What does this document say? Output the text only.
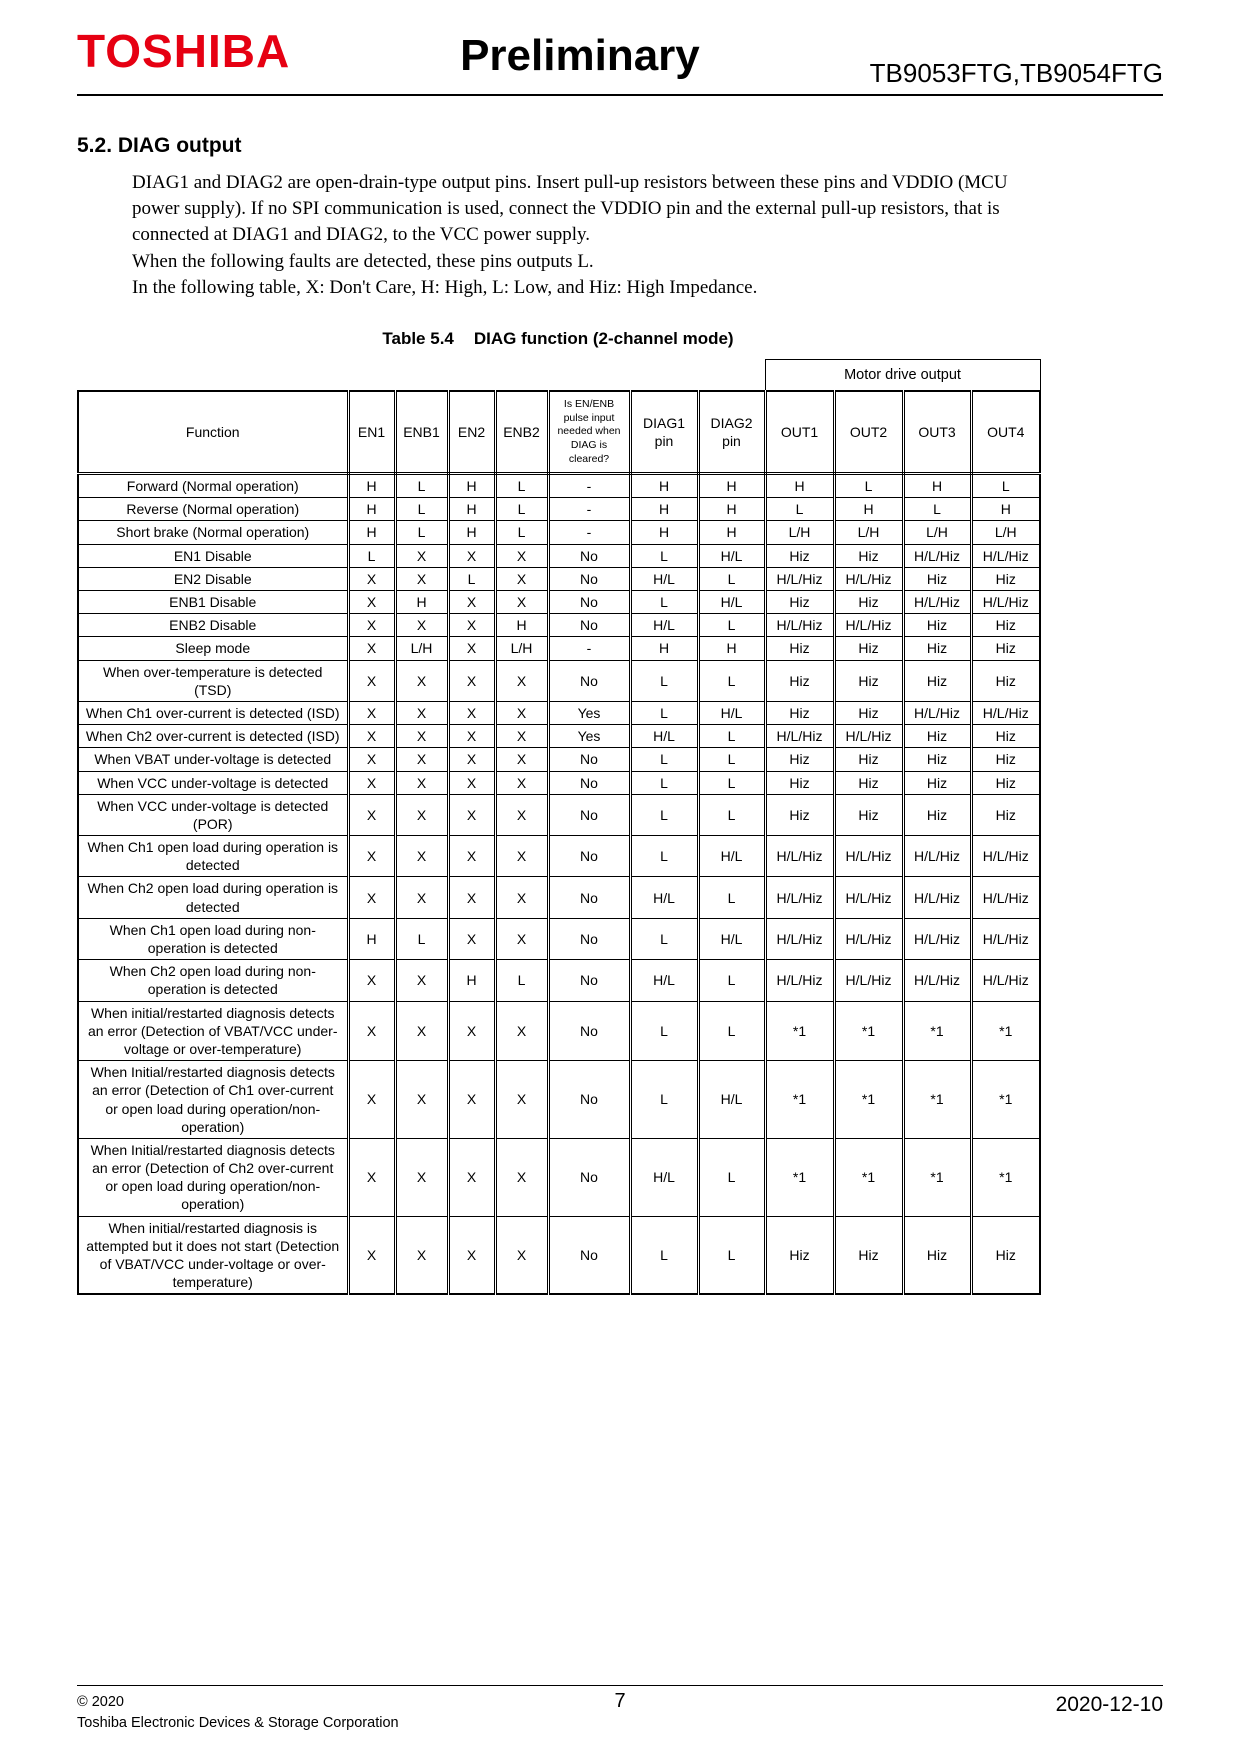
TOSHIBA	Preliminary	TB9053FTG,TB9054FTG
5.2. DIAG output

DIAG1 and DIAG2 are open-drain-type output pins. Insert pull-up resistors between these pins and VDDIO (MCU power supply). If no SPI communication is used, connect the VDDIO pin and the external pull-up resistors, that is connected at DIAG1 and DIAG2, to the VCC power supply.

When the following faults are detected, these pins outputs L.

In the following table, X: Don't Care, H: High, L: Low, and Hiz: High Impedance.

Table 5.4 DIAG function (2-channel mode)
								Motor drive output			
Function	EN1	ENB1	EN2	ENB2	Is EN/ENB pulse input needed when DIAG is cleared?	DIAG1 pin	DIAG2 pin	OUT1	OUT2	OUT3	OUT4
Forward (Normal operation)	H	L	H	L	-	H	H	H	L	H	L
Reverse (Normal operation)	H	L	H	L	-	H	H	L	H	L	H
Short brake (Normal operation)	H	L	H	L	-	H	H	L/H	L/H	L/H	L/H
EN1 Disable	L	X	X	X	No	L	H/L	Hiz	Hiz	H/L/Hiz	H/L/Hiz
EN2 Disable	X	X	L	X	No	H/L	L	H/L/Hiz	H/L/Hiz	Hiz	Hiz
ENB1 Disable	X	H	X	X	No	L	H/L	Hiz	Hiz	H/L/Hiz	H/L/Hiz
ENB2 Disable	X	X	X	H	No	H/L	L	H/L/Hiz	H/L/Hiz	Hiz	Hiz
Sleep mode	X	L/H	X	L/H	-	H	H	Hiz	Hiz	Hiz	Hiz
When over-temperature is detected (TSD)	X	X	X	X	No	L	L	Hiz	Hiz	Hiz	Hiz
When Ch1 over-current is detected (ISD)	X	X	X	X	Yes	L	H/L	Hiz	Hiz	H/L/Hiz	H/L/Hiz
When Ch2 over-current is detected (ISD)	X	X	X	X	Yes	H/L	L	H/L/Hiz	H/L/Hiz	Hiz	Hiz
When VBAT under-voltage is detected	X	X	X	X	No	L	L	Hiz	Hiz	Hiz	Hiz
When VCC under-voltage is detected	X	X	X	X	No	L	L	Hiz	Hiz	Hiz	Hiz
When VCC under-voltage is detected (POR)	X	X	X	X	No	L	L	Hiz	Hiz	Hiz	Hiz
When Ch1 open load during operation is detected	X	X	X	X	No	L	H/L	H/L/Hiz	H/L/Hiz	H/L/Hiz	H/L/Hiz
When Ch2 open load during operation is detected	X	X	X	X	No	H/L	L	H/L/Hiz	H/L/Hiz	H/L/Hiz	H/L/Hiz
When Ch1 open load during non-operation is detected	H	L	X	X	No	L	H/L	H/L/Hiz	H/L/Hiz	H/L/Hiz	H/L/Hiz
When Ch2 open load during non-operation is detected	X	X	H	L	No	H/L	L	H/L/Hiz	H/L/Hiz	H/L/Hiz	H/L/Hiz
When initial/restarted diagnosis detects an error (Detection of VBAT/VCC under-voltage or over-temperature)	X	X	X	X	No	L	L	*1	*1	*1	*1
When Initial/restarted diagnosis detects an error (Detection of Ch1 over-current or open load during operation/non-operation)	X	X	X	X	No	L	H/L	*1	*1	*1	*1
When Initial/restarted diagnosis detects an error (Detection of Ch2 over-current or open load during operation/non-operation)	X	X	X	X	No	H/L	L	*1	*1	*1	*1
When initial/restarted diagnosis is attempted but it does not start (Detection of VBAT/VCC under-voltage or over-temperature)	X	X	X	X	No	L	L	Hiz	Hiz	Hiz	Hiz
© 2020
Toshiba Electronic Devices & Storage Corporation
2020-12-10
7
